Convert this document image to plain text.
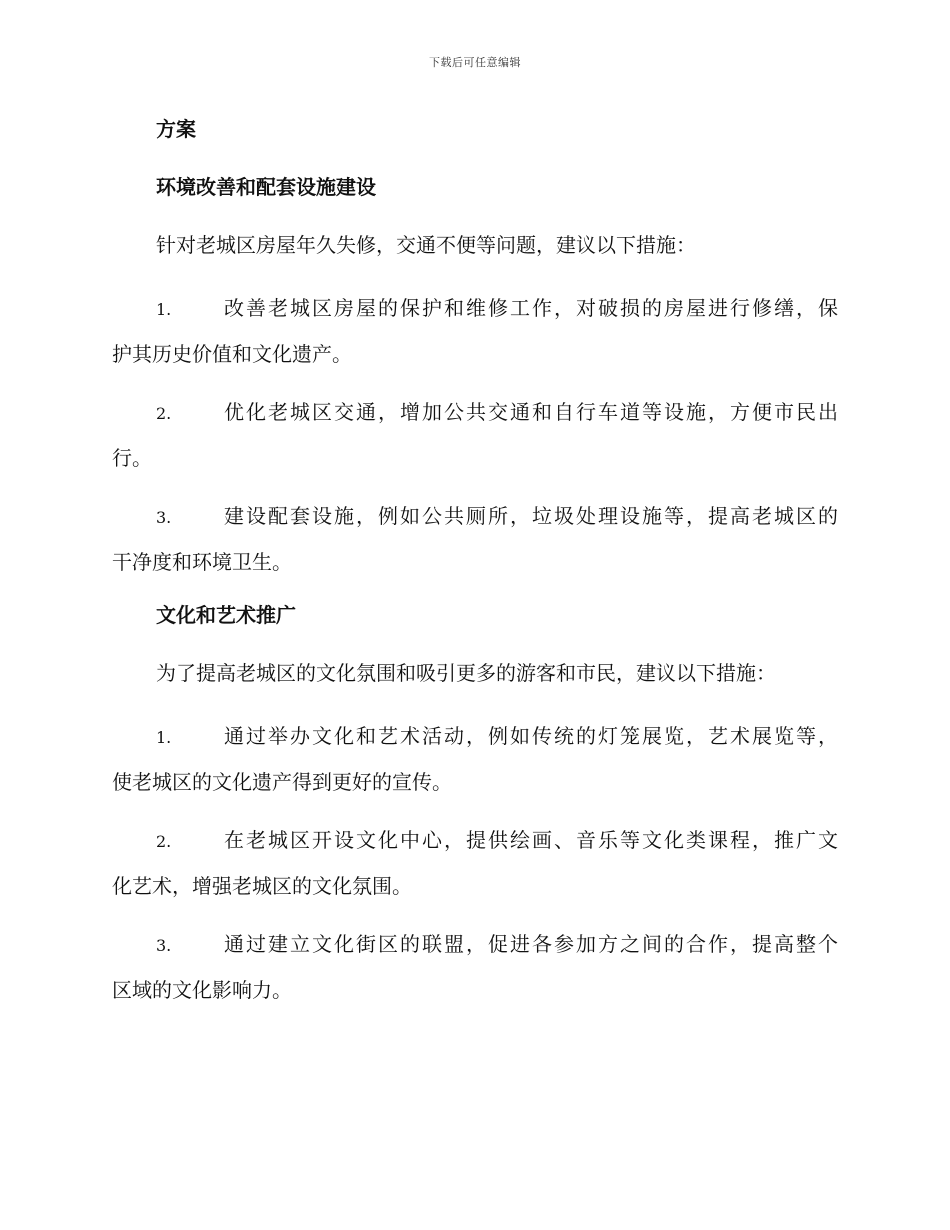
下载后可任意编辑
方案
环境改善和配套设施建设
针对老城区房屋年久失修，交通不便等问题，建议以下措施：
1.	改善老城区房屋的保护和维修工作，对破损的房屋进行修缮，保
护其历史价值和文化遗产。
2.	优化老城区交通，增加公共交通和自行车道等设施，方便市民出
行。
3.	建设配套设施，例如公共厕所，垃圾处理设施等，提高老城区的
干净度和环境卫生。
文化和艺术推广
为了提高老城区的文化氛围和吸引更多的游客和市民，建议以下措施：
1.	通过举办文化和艺术活动，例如传统的灯笼展览，艺术展览等，
使老城区的文化遗产得到更好的宣传。
2.	在老城区开设文化中心，提供绘画、音乐等文化类课程，推广文
化艺术，增强老城区的文化氛围。
3.	通过建立文化街区的联盟，促进各参加方之间的合作，提高整个
区域的文化影响力。
